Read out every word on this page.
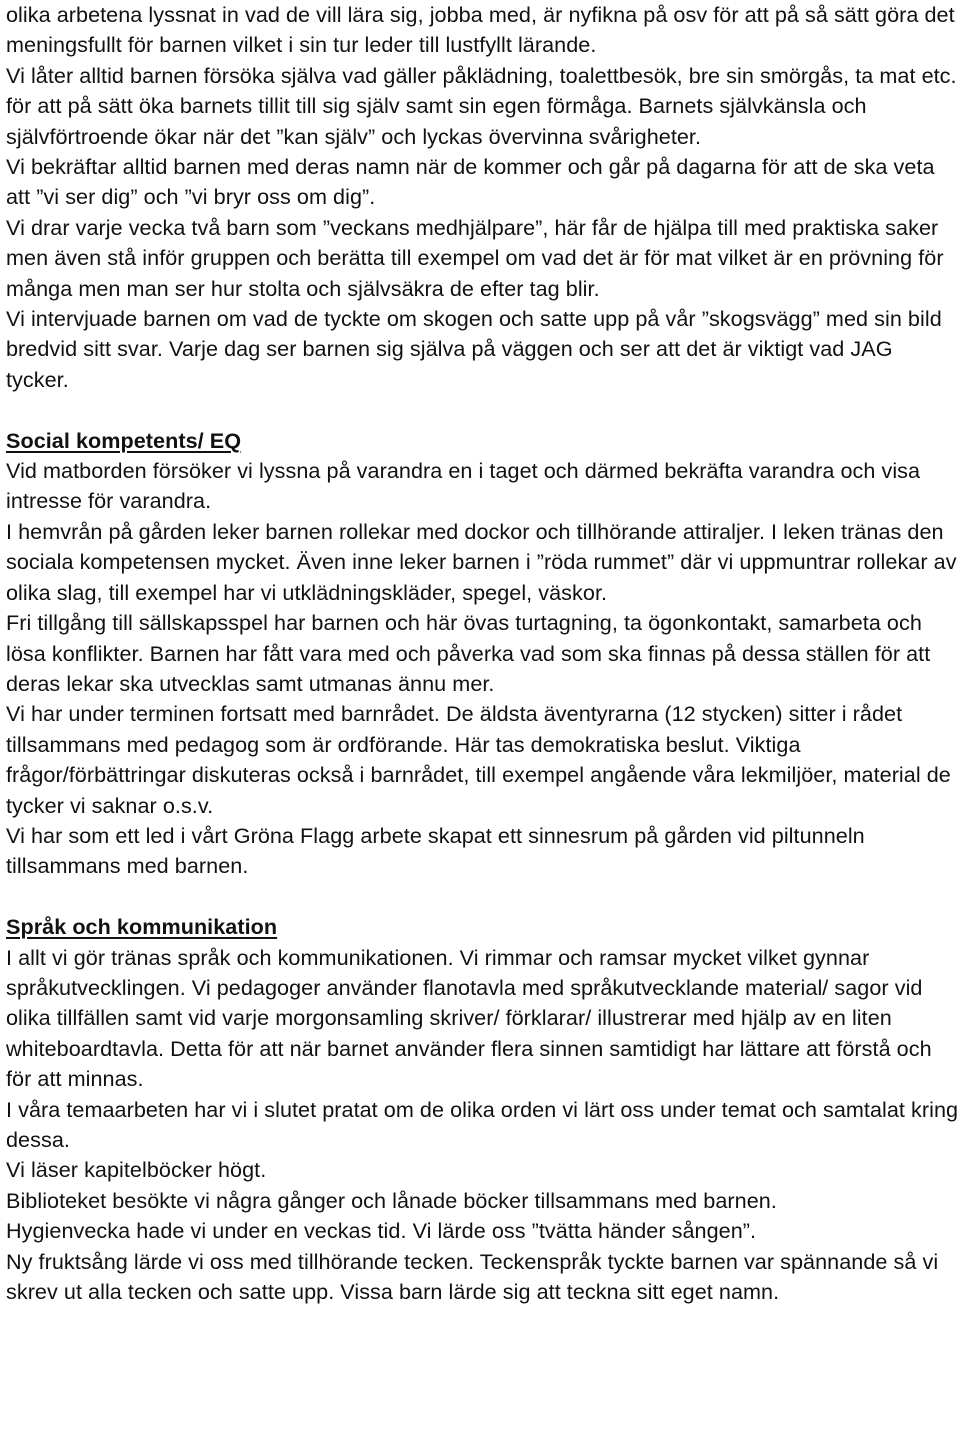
olika arbetena lyssnat in vad de vill lära sig, jobba med, är nyfikna på osv för att på så sätt göra det meningsfullt för barnen vilket i sin tur leder till lustfyllt lärande.

Vi låter alltid barnen försöka själva vad gäller påklädning, toalettbesök, bre sin smörgås, ta mat etc. för att på sätt öka barnets tillit till sig själv samt sin egen förmåga. Barnets självkänsla och självförtroende ökar när det ”kan själv” och lyckas övervinna svårigheter.

Vi bekräftar alltid barnen med deras namn när de kommer och går på dagarna för att de ska veta att ”vi ser dig” och ”vi bryr oss om dig”.

Vi drar varje vecka två barn som ”veckans medhjälpare”, här får de hjälpa till med praktiska saker men även stå inför gruppen och berätta till exempel om vad det är för mat vilket är en prövning för många men man ser hur stolta och självsäkra de efter tag blir.

Vi intervjuade barnen om vad de tyckte om skogen och satte upp på vår ”skogsvägg” med sin bild bredvid sitt svar. Varje dag ser barnen sig själva på väggen och ser att det är viktigt vad JAG tycker.

Social kompetents/ EQ

Vid matborden försöker vi lyssna på varandra en i taget och därmed bekräfta varandra och visa intresse för varandra.

I hemvrån på gården leker barnen rollekar med dockor och tillhörande attiraljer. I leken tränas den sociala kompetensen mycket. Även inne leker barnen i ”röda rummet” där vi uppmuntrar rollekar av olika slag, till exempel har vi utklädningskläder, spegel, väskor.

Fri tillgång till sällskapsspel har barnen och här övas turtagning, ta ögonkontakt, samarbeta och lösa konflikter. Barnen har fått vara med och påverka vad som ska finnas på dessa ställen för att deras lekar ska utvecklas samt utmanas ännu mer.

Vi har under terminen fortsatt med barnrådet. De äldsta äventyrarna (12 stycken) sitter i rådet tillsammans med pedagog som är ordförande. Här tas demokratiska beslut. Viktiga frågor/förbättringar diskuteras också i barnrådet, till exempel angående våra lekmiljöer, material de tycker vi saknar o.s.v.

Vi har som ett led i vårt Gröna Flagg arbete skapat ett sinnesrum på gården vid piltunneln tillsammans med barnen.

Språk och kommunikation

I allt vi gör tränas språk och kommunikationen. Vi rimmar och ramsar mycket vilket gynnar språkutvecklingen. Vi pedagoger använder flanotavla med språkutvecklande material/ sagor vid olika tillfällen samt vid varje morgonsamling skriver/ förklarar/ illustrerar med hjälp av en liten whiteboardtavla. Detta för att när barnet använder flera sinnen samtidigt har lättare att förstå och för att minnas.

I våra temaarbeten har vi i slutet pratat om de olika orden vi lärt oss under temat och samtalat kring dessa.

Vi läser kapitelböcker högt.

Biblioteket besökte vi några gånger och lånade böcker tillsammans med barnen.

Hygienvecka hade vi under en veckas tid. Vi lärde oss ”tvätta händer sången”.

Ny fruktsång lärde vi oss med tillhörande tecken. Teckenspråk tyckte barnen var spännande så vi skrev ut alla tecken och satte upp. Vissa barn lärde sig att teckna sitt eget namn.
